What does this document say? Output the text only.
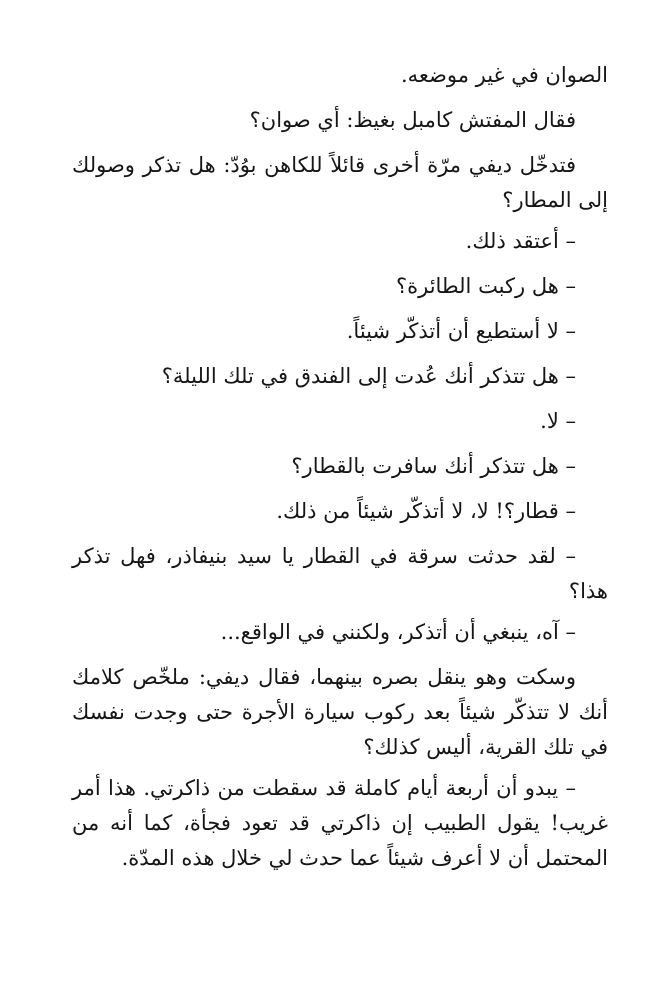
الصوان في غير موضعه.

فقال المفتش كامبل بغيظ: أي صوان؟

فتدخّل ديفي مرّة أخرى قائلاً للكاهن بوُدّ: هل تذكر وصولك إلى المطار؟

– أعتقد ذلك.

– هل ركبت الطائرة؟

– لا أستطيع أن أتذكّر شيئاً.

– هل تتذكر أنك عُدت إلى الفندق في تلك الليلة؟

– لا.

– هل تتذكر أنك سافرت بالقطار؟

– قطار؟! لا، لا أتذكّر شيئاً من ذلك.

– لقد حدثت سرقة في القطار يا سيد بنيفاذر، فهل تذكر هذا؟

– آه، ينبغي أن أتذكر، ولكنني في الواقع...

وسكت وهو ينقل بصره بينهما، فقال ديفي: ملخّص كلامك أنك لا تتذكّر شيئاً بعد ركوب سيارة الأجرة حتى وجدت نفسك في تلك القرية، أليس كذلك؟

– يبدو أن أربعة أيام كاملة قد سقطت من ذاكرتي. هذا أمر غريب! يقول الطبيب إن ذاكرتي قد تعود فجأة، كما أنه من المحتمل أن لا أعرف شيئاً عما حدث لي خلال هذه المدّة.
